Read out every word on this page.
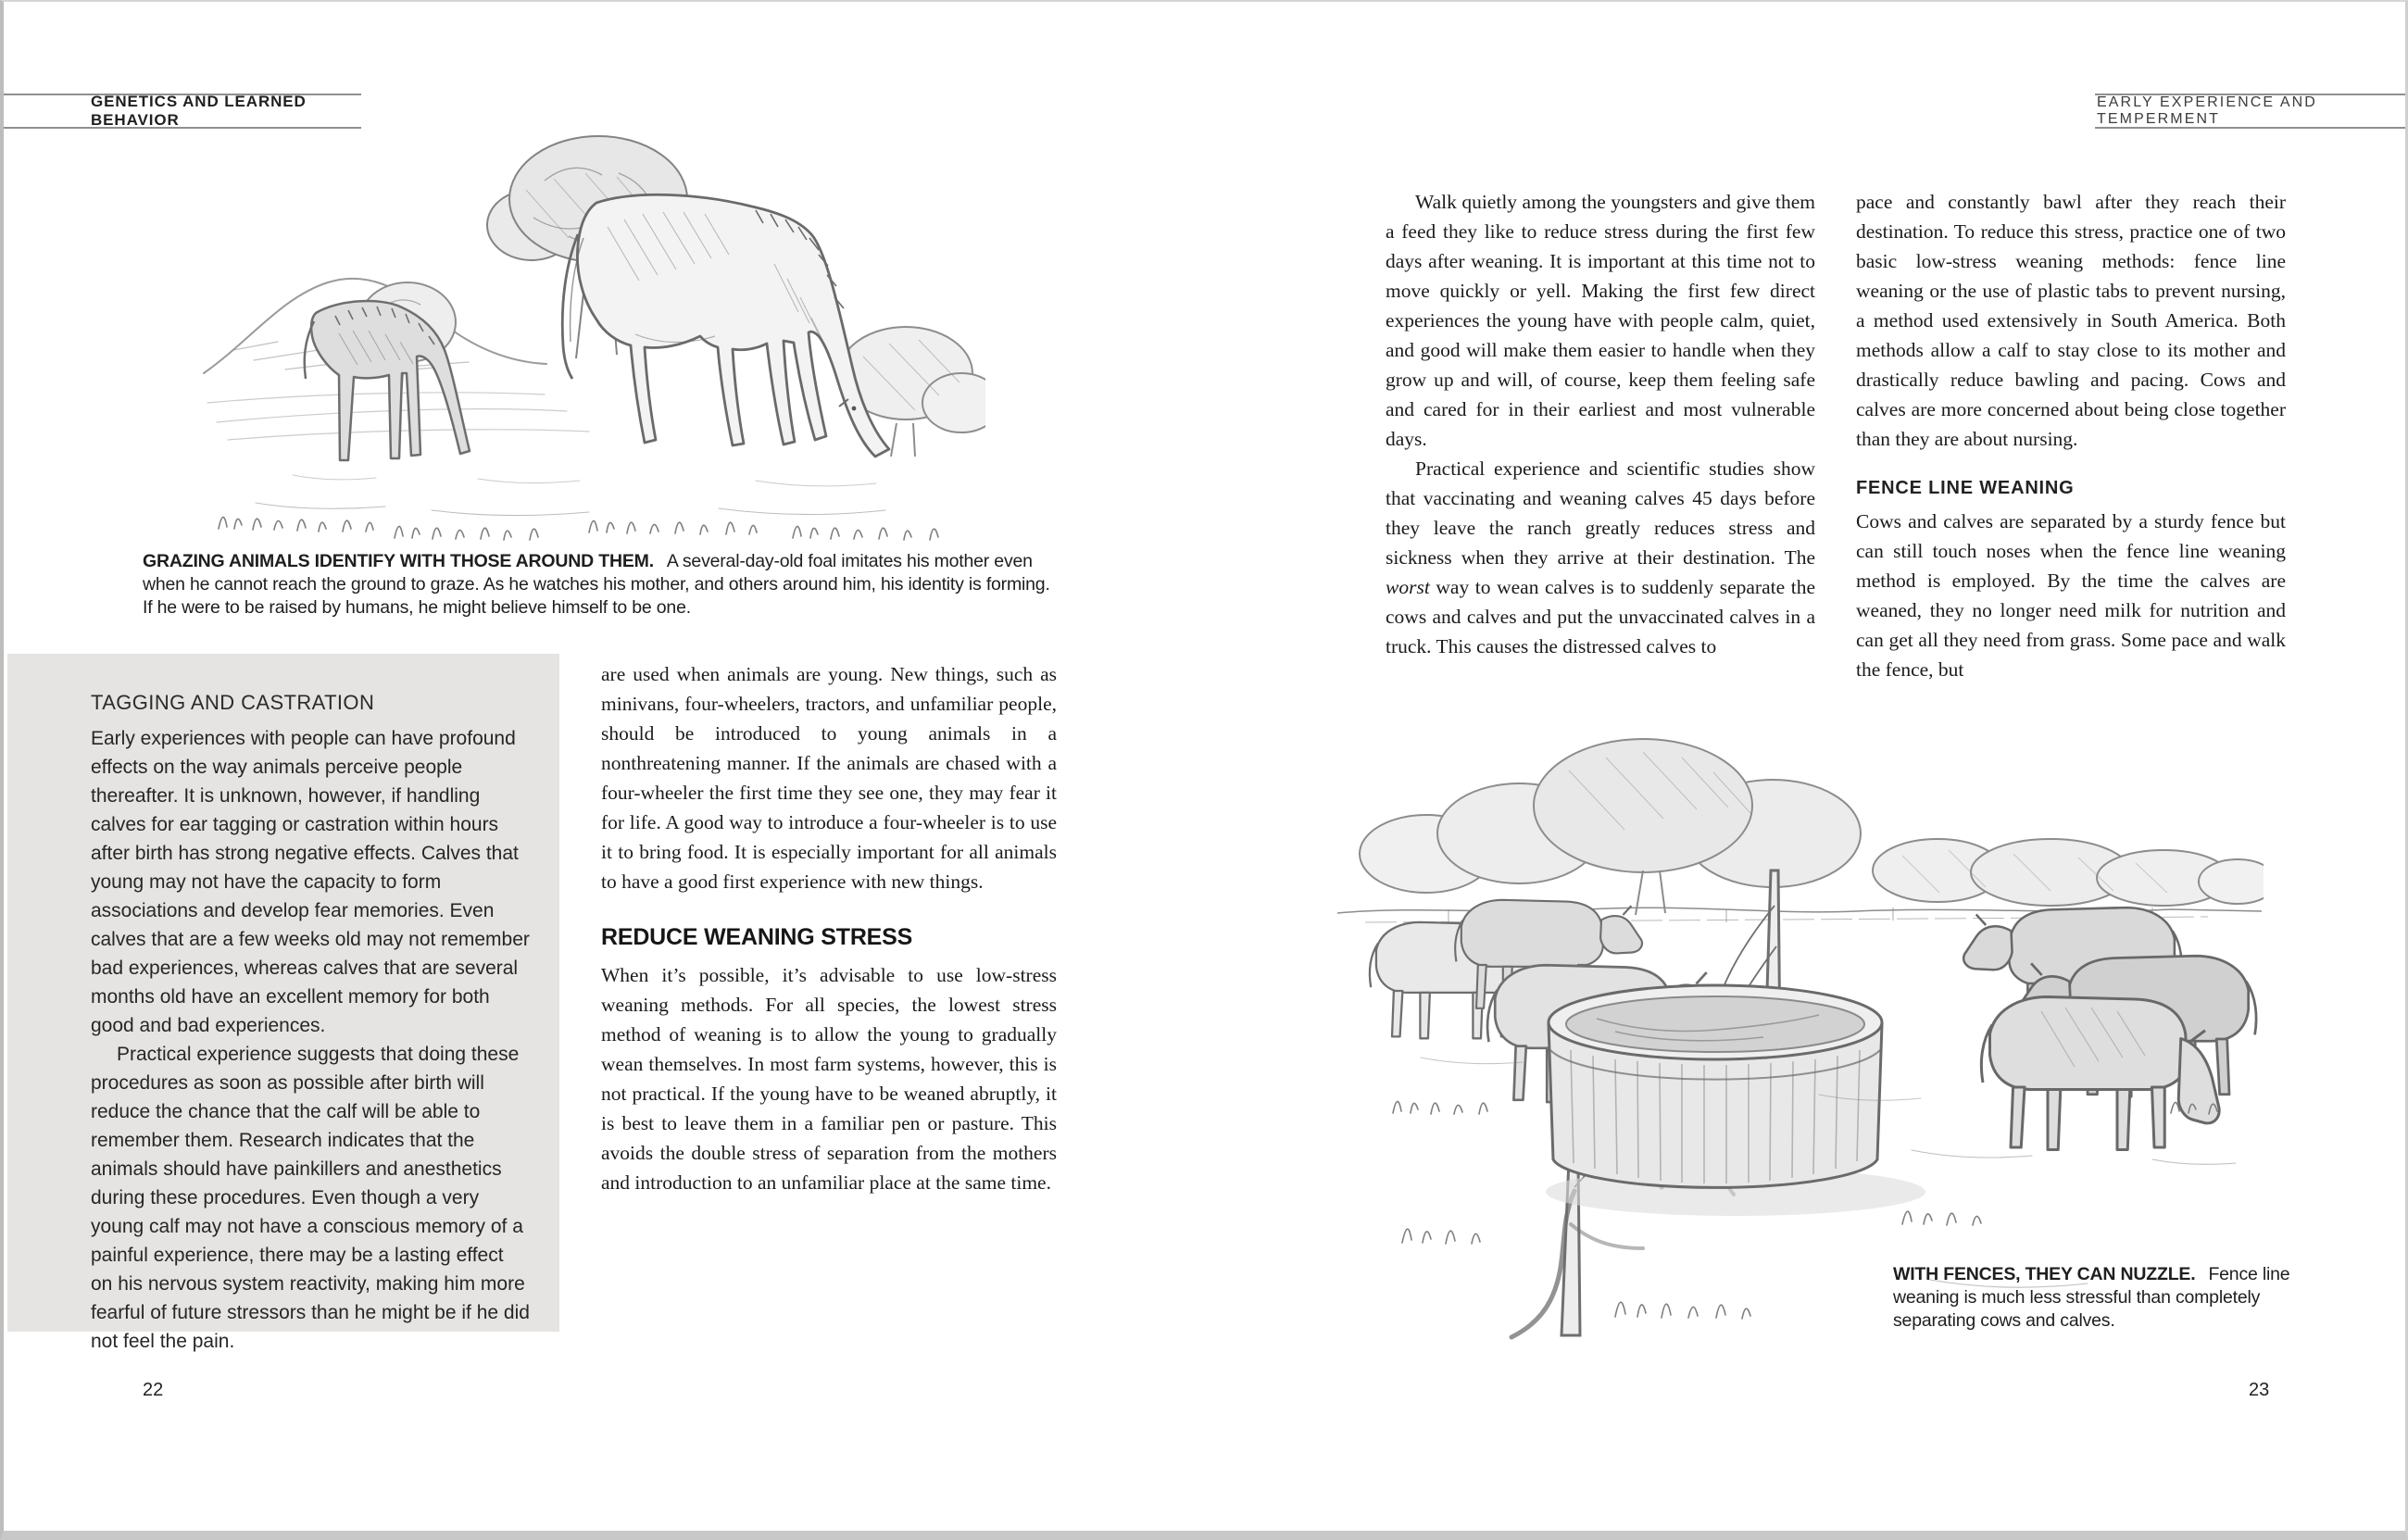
GENETICS AND LEARNED BEHAVIOR
EARLY EXPERIENCE AND TEMPERMENT
GRAZING ANIMALS IDENTIFY WITH THOSE AROUND THEM. A several-day-old foal imitates his mother even when he cannot reach the ground to graze. As he watches his mother, and others around him, his identity is forming. If he were to be raised by humans, he might believe himself to be one.
TAGGING AND CASTRATION

Early experiences with people can have profound effects on the way animals perceive people thereafter. It is unknown, however, if handling calves for ear tagging or castration within hours after birth has strong negative effects. Calves that young may not have the capacity to form associations and develop fear memories. Even calves that are a few weeks old may not remember bad experiences, whereas calves that are several months old have an excellent memory for both good and bad experiences.

Practical experience suggests that doing these procedures as soon as possible after birth will reduce the chance that the calf will be able to remember them. Research indicates that the animals should have painkillers and anesthetics during these procedures. Even though a very young calf may not have a conscious memory of a painful experience, there may be a lasting effect on his nervous system reactivity, making him more fearful of future stressors than he might be if he did not feel the pain.

are used when animals are young. New things, such as minivans, four-wheelers, tractors, and unfamiliar people, should be introduced to young animals in a nonthreatening manner. If the animals are chased with a four-wheeler the first time they see one, they may fear it for life. A good way to introduce a four-wheeler is to use it to bring food. It is especially important for all animals to have a good first experience with new things.

REDUCE WEANING STRESS

When it’s possible, it’s advisable to use low-stress weaning methods. For all species, the lowest stress method of weaning is to allow the young to gradually wean themselves. In most farm systems, however, this is not practical. If the young have to be weaned abruptly, it is best to leave them in a familiar pen or pasture. This avoids the double stress of separation from the mothers and introduction to an unfamiliar place at the same time.

Walk quietly among the youngsters and give them a feed they like to reduce stress during the first few days after weaning. It is important at this time not to move quickly or yell. Making the first few direct experiences the young have with people calm, quiet, and good will make them easier to handle when they grow up and will, of course, keep them feeling safe and cared for in their earliest and most vulnerable days.

Practical experience and scientific studies show that vaccinating and weaning calves 45 days before they leave the ranch greatly reduces stress and sickness when they arrive at their destination. The worst way to wean calves is to suddenly separate the cows and calves and put the unvaccinated calves in a truck. This causes the distressed calves to

pace and constantly bawl after they reach their destination. To reduce this stress, practice one of two basic low-stress weaning methods: fence line weaning or the use of plastic tabs to prevent nursing, a method used extensively in South America. Both methods allow a calf to stay close to its mother and drastically reduce bawling and pacing. Cows and calves are more concerned about being close together than they are about nursing.

FENCE LINE WEANING

Cows and calves are separated by a sturdy fence but can still touch noses when the fence line weaning method is employed. By the time the calves are weaned, they no longer need milk for nutrition and can get all they need from grass. Some pace and walk the fence, but

WITH FENCES, THEY CAN NUZZLE. Fence line weaning is much less stressful than completely separating cows and calves.
22	23
